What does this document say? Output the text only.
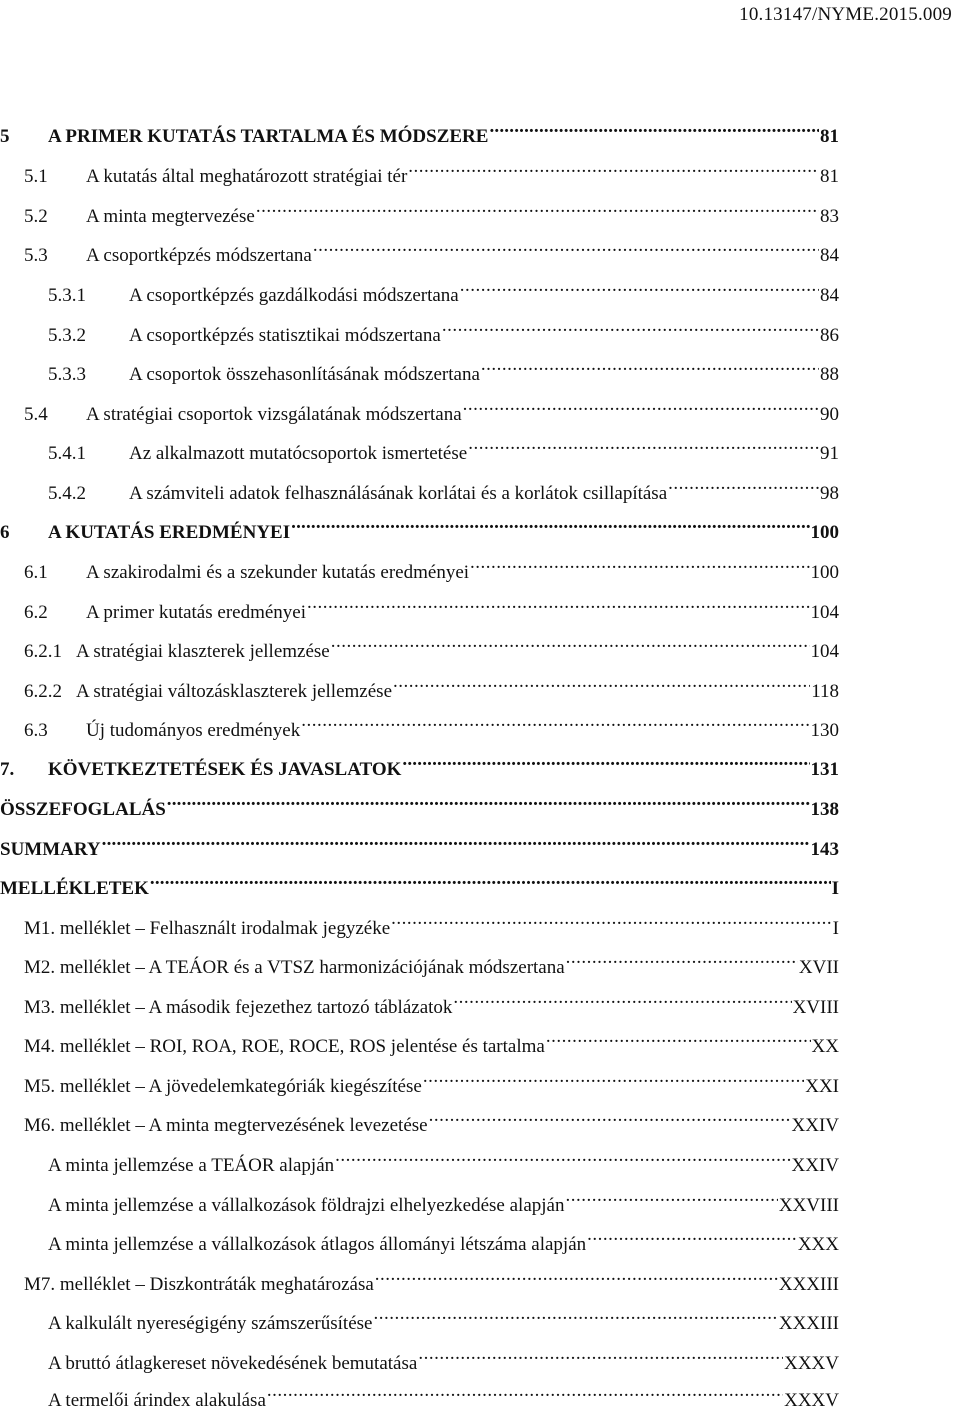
10.13147/NYME.2015.009
5	A PRIMER KUTATÁS TARTALMA ÉS MÓDSZERE .....	81
5.1	A kutatás által meghatározott stratégiai tér .....	81
5.2	A minta megtervezése .....	83
5.3	A csoportképzés módszertana .....	84
5.3.1	A csoportképzés gazdálkodási módszertana .....	84
5.3.2	A csoportképzés statisztikai módszertana .....	86
5.3.3	A csoportok összehasonlításának módszertana .....	88
5.4	A stratégiai csoportok vizsgálatának módszertana .....	90
5.4.1	Az alkalmazott mutatócsoportok ismertetése .....	91
5.4.2	A számviteli adatok felhasználásának korlátai és a korlátok csillapítása .....	98
6	A KUTATÁS EREDMÉNYEI .....	100
6.1	A szakirodalmi és a szekunder kutatás eredményei .....	100
6.2	A primer kutatás eredményei .....	104
6.2.1 A stratégiai klaszterek jellemzése .....	104
6.2.2 A stratégiai változásklaszterek jellemzése .....	118
6.3	Új tudományos eredmények .....	130
7.	KÖVETKEZTETÉSEK ÉS JAVASLATOK .....	131
ÖSSZEFOGLALÁS .....	138
SUMMARY .....	143
MELLÉKLETEK .....	I
M1. melléklet – Felhasznált irodalmak jegyzéke .....	I
M2. melléklet – A TEÁOR és a VTSZ harmonizációjának módszertana .....	XVII
M3. melléklet – A második fejezethez tartozó táblázatok .....	XVIII
M4. melléklet – ROI, ROA, ROE, ROCE, ROS jelentése és tartalma .....	XX
M5. melléklet – A jövedelemkategóriák kiegészítése .....	XXI
M6. melléklet – A minta megtervezésének levezetése .....	XXIV
A minta jellemzése a TEÁOR alapján .....	XXIV
A minta jellemzése a vállalkozások földrajzi elhelyezkedése alapján .....	XXVIII
A minta jellemzése a vállalkozások átlagos állományi létszáma alapján .....	XXX
M7. melléklet – Diszkontráták meghatározása .....	XXXIII
A kalkulált nyereségigény számszerűsítése .....	XXXIII
A bruttó átlagkereset növekedésének bemutatása .....	XXXV
A termelői árindex alakulása .....	XXXV
